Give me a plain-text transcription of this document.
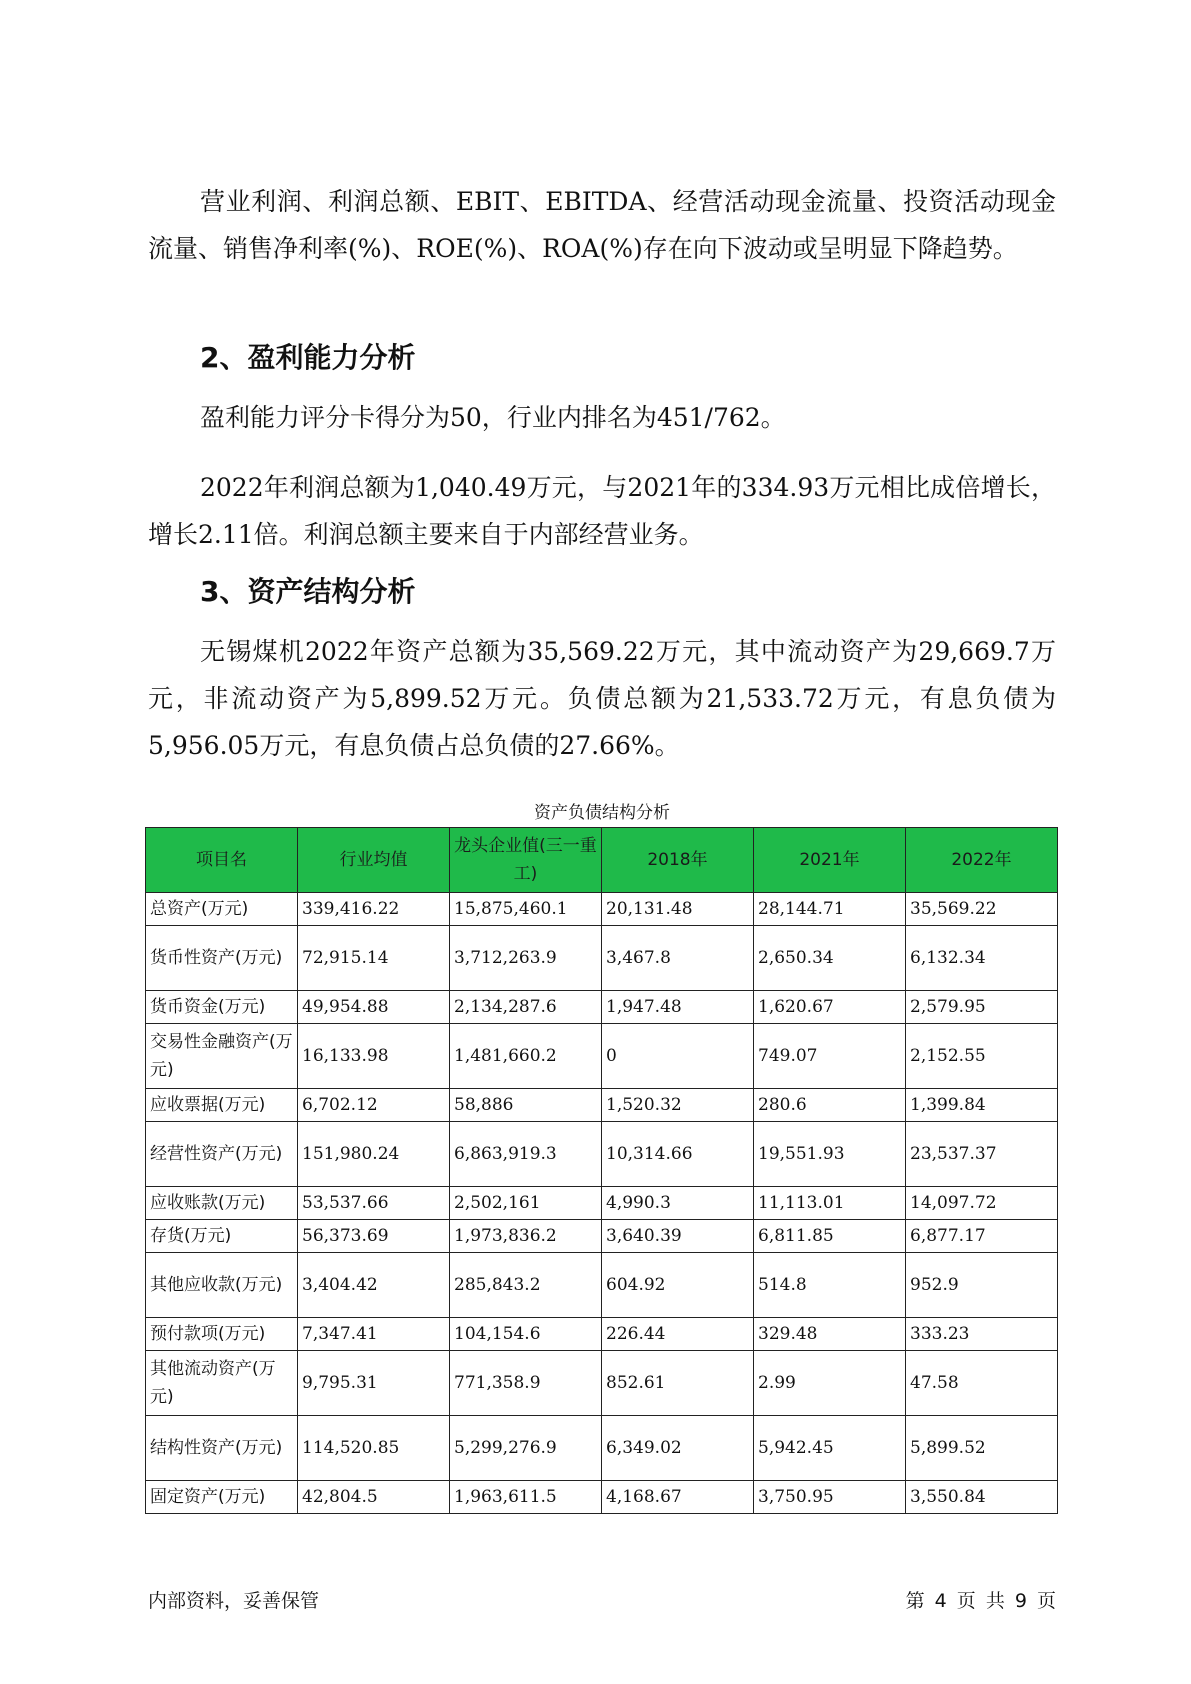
营业利润、利润总额、EBIT、EBITDA、经营活动现金流量、投资活动现金流量、销售净利率(%)、ROE(%)、ROA(%)存在向下波动或呈明显下降趋势。

2、盈利能力分析

盈利能力评分卡得分为50，行业内排名为451/762。

2022年利润总额为1,040.49万元，与2021年的334.93万元相比成倍增长，增长2.11倍。利润总额主要来自于内部经营业务。

3、资产结构分析

无锡煤机2022年资产总额为35,569.22万元，其中流动资产为29,669.7万元，非流动资产为5,899.52万元。负债总额为21,533.72万元，有息负债为5,956.05万元，有息负债占总负债的27.66%。

资产负债结构分析
项目名	行业均值	龙头企业值(三一重工)	2018年	2021年	2022年
总资产(万元)	339,416.22	15,875,460.1	20,131.48	28,144.71	35,569.22
货币性资产(万元)	72,915.14	3,712,263.9	3,467.8	2,650.34	6,132.34
货币资金(万元)	49,954.88	2,134,287.6	1,947.48	1,620.67	2,579.95
交易性金融资产(万元)	16,133.98	1,481,660.2	0	749.07	2,152.55
应收票据(万元)	6,702.12	58,886	1,520.32	280.6	1,399.84
经营性资产(万元)	151,980.24	6,863,919.3	10,314.66	19,551.93	23,537.37
应收账款(万元)	53,537.66	2,502,161	4,990.3	11,113.01	14,097.72
存货(万元)	56,373.69	1,973,836.2	3,640.39	6,811.85	6,877.17
其他应收款(万元)	3,404.42	285,843.2	604.92	514.8	952.9
预付款项(万元)	7,347.41	104,154.6	226.44	329.48	333.23
其他流动资产(万元)	9,795.31	771,358.9	852.61	2.99	47.58
结构性资产(万元)	114,520.85	5,299,276.9	6,349.02	5,942.45	5,899.52
固定资产(万元)	42,804.5	1,963,611.5	4,168.67	3,750.95	3,550.84
内部资料，妥善保管	第 4 页 共 9 页
